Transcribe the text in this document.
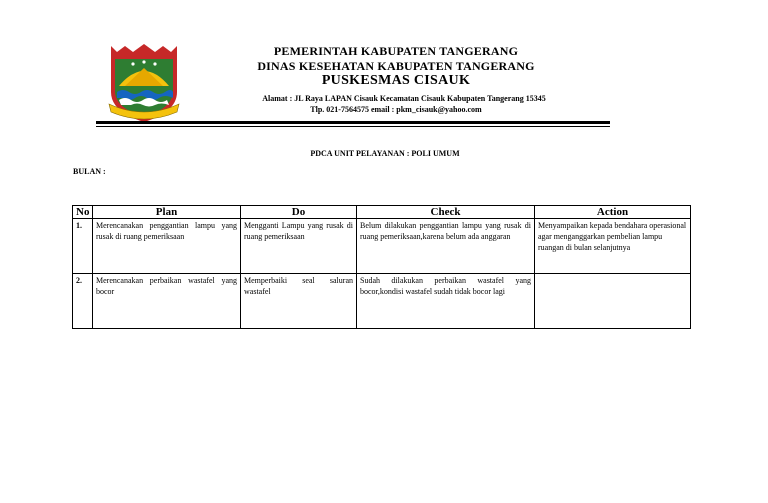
PEMERINTAH KABUPATEN TANGERANG
DINAS KESEHATAN KABUPATEN TANGERANG
PUSKESMAS CISAUK
Alamat : JL Raya LAPAN Cisauk Kecamatan Cisauk Kabupaten Tangerang 15345
Tlp. 021-7564575 email : pkm_cisauk@yahoo.com
PDCA UNIT PELAYANAN : POLI UMUM
BULAN :
No	Plan	Do	Check	Action
1.	Merencanakan penggantian lampu yang rusak di ruang pemeriksaan	Mengganti Lampu yang rusak di ruang pemeriksaan	Belum dilakukan penggantian lampu yang rusak di ruang pemeriksaan,karena belum ada anggaran	Menyampaikan kepada bendahara operasional agar menganggarkan pembelian lampu ruangan di bulan selanjutnya
2.	Merencanakan perbaikan wastafel yang bocor	Memperbaiki seal saluran wastafel	Sudah dilakukan perbaikan wastafel yang bocor,kondisi wastafel sudah tidak bocor lagi	
